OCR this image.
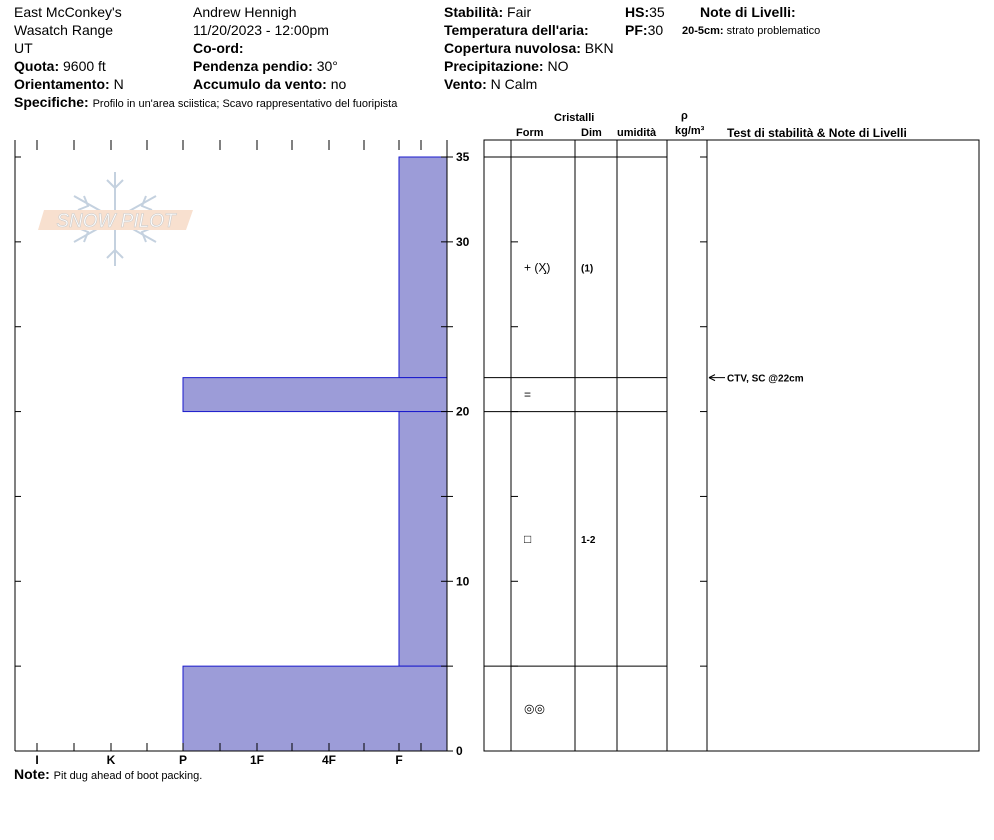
East McConkey's
Wasatch Range
UT
Quota: 9600 ft
Orientamento: N
Specifiche: Profilo in un'area sciistica; Scavo rappresentativo del fuoripista
Andrew Hennigh
11/20/2023 - 12:00pm
Co-ord:
Pendenza pendio: 30°
Accumulo da vento: no
Stabilità: Fair
Temperatura dell'aria:
Copertura nuvolosa: BKN
Precipitazione: NO
Vento: N Calm
HS:35
PF:30
Note di Livelli:
20-5cm: strato problematico
Cristalli
Form	Dim umidità
ρ
kg/m³ Test di stabilità & Note di Livelli
SNOW PILOT
I	K	P	1F	4F	F
0
10
20
30
35
+ (Ӽ)	(1)
=
□	1-2
◎◎
CTV, SC @22cm
Note: Pit dug ahead of boot packing.
